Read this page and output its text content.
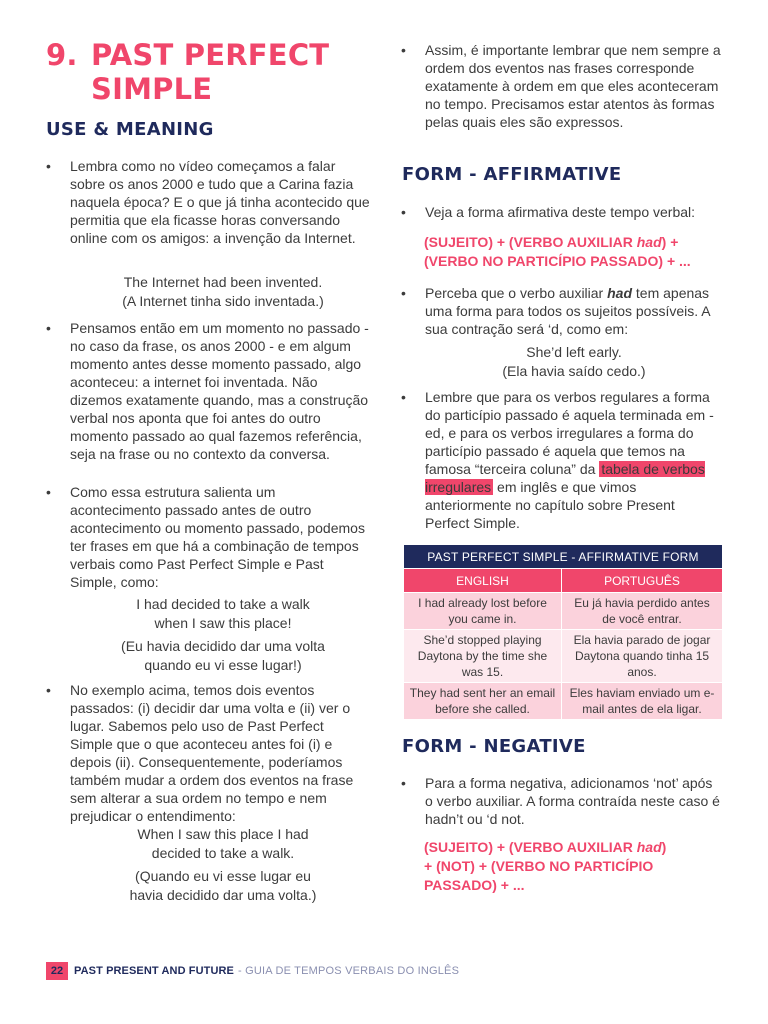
9. PAST PERFECT SIMPLE
USE & MEANING
• Lembra como no vídeo começamos a falar sobre os anos 2000 e tudo que a Carina fazia naquela época? E o que já tinha acontecido que permitia que ela ficasse horas conversando online com os amigos: a invenção da Internet.

The Internet had been invented.
(A Internet tinha sido inventada.)
• Pensamos então em um momento no passado - no caso da frase, os anos 2000 - e em algum momento antes desse momento passado, algo aconteceu: a internet foi inventada. Não dizemos exatamente quando, mas a construção verbal nos aponta que foi antes do outro momento passado ao qual fazemos referência, seja na frase ou no contexto da conversa.

• Como essa estrutura salienta um acontecimento passado antes de outro acontecimento ou momento passado, podemos ter frases em que há a combinação de tempos verbais como Past Perfect Simple e Past Simple, como:

I had decided to take a walk
when I saw this place!
(Eu havia decidido dar uma volta
quando eu vi esse lugar!)
• No exemplo acima, temos dois eventos passados: (i) decidir dar uma volta e (ii) ver o lugar. Sabemos pelo uso de Past Perfect Simple que o que aconteceu antes foi (i) e depois (ii). Consequentemente, poderíamos também mudar a ordem dos eventos na frase sem alterar a sua ordem no tempo e nem prejudicar o entendimento:

When I saw this place I had
decided to take a walk.
(Quando eu vi esse lugar eu
havia decidido dar uma volta.)
• Assim, é importante lembrar que nem sempre a ordem dos eventos nas frases corresponde exatamente à ordem em que eles aconteceram no tempo. Precisamos estar atentos às formas pelas quais eles são expressos.

FORM - AFFIRMATIVE
• Veja a forma afirmativa deste tempo verbal:

(SUJEITO) + (VERBO AUXILIAR had) +
(VERBO NO PARTICÍPIO PASSADO) + ...
• Perceba que o verbo auxiliar had tem apenas uma forma para todos os sujeitos possíveis. A sua contração será ‘d, como em:

She’d left early.
(Ela havia saído cedo.)
• Lembre que para os verbos regulares a forma do particípio passado é aquela terminada em -ed, e para os verbos irregulares a forma do particípio passado é aquela que temos na famosa “terceira coluna” da tabela de verbos irregulares em inglês e que vimos anteriormente no capítulo sobre Present Perfect Simple.

PAST PERFECT SIMPLE - AFFIRMATIVE FORM	
ENGLISH	PORTUGUÊS
I had already lost before you came in.	Eu já havia perdido antes de você entrar.
She’d stopped playing Daytona by the time she was 15.	Ela havia parado de jogar Daytona quando tinha 15 anos.
They had sent her an email before she called.	Eles haviam enviado um e-mail antes de ela ligar.
FORM - NEGATIVE
• Para a forma negativa, adicionamos ‘not’ após o verbo auxiliar. A forma contraída neste caso é hadn’t ou ‘d not.

(SUJEITO) + (VERBO AUXILIAR had)
+ (NOT) + (VERBO NO PARTICÍPIO
PASSADO) + ...
22 PAST PRESENT AND FUTURE - GUIA DE TEMPOS VERBAIS DO INGLÊS
